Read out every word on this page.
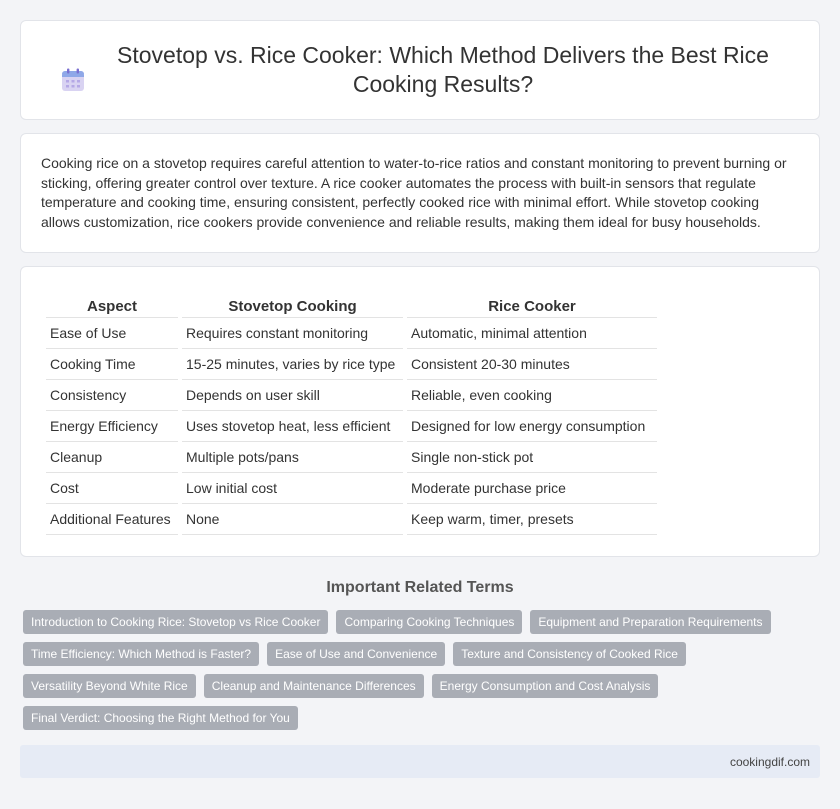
Stovetop vs. Rice Cooker: Which Method Delivers the Best Rice Cooking Results?

Cooking rice on a stovetop requires careful attention to water-to-rice ratios and constant monitoring to prevent burning or sticking, offering greater control over texture. A rice cooker automates the process with built-in sensors that regulate temperature and cooking time, ensuring consistent, perfectly cooked rice with minimal effort. While stovetop cooking allows customization, rice cookers provide convenience and reliable results, making them ideal for busy households.

Aspect	Stovetop Cooking	Rice Cooker
Ease of Use	Requires constant monitoring	Automatic, minimal attention
Cooking Time	15-25 minutes, varies by rice type	Consistent 20-30 minutes
Consistency	Depends on user skill	Reliable, even cooking
Energy Efficiency	Uses stovetop heat, less efficient	Designed for low energy consumption
Cleanup	Multiple pots/pans	Single non-stick pot
Cost	Low initial cost	Moderate purchase price
Additional Features	None	Keep warm, timer, presets
Important Related Terms
Introduction to Cooking Rice: Stovetop vs Rice Cooker	Comparing Cooking Techniques	Equipment and Preparation Requirements
Time Efficiency: Which Method is Faster?	Ease of Use and Convenience	Texture and Consistency of Cooked Rice
Versatility Beyond White Rice	Cleanup and Maintenance Differences	Energy Consumption and Cost Analysis
Final Verdict: Choosing the Right Method for You
cookingdif.com
